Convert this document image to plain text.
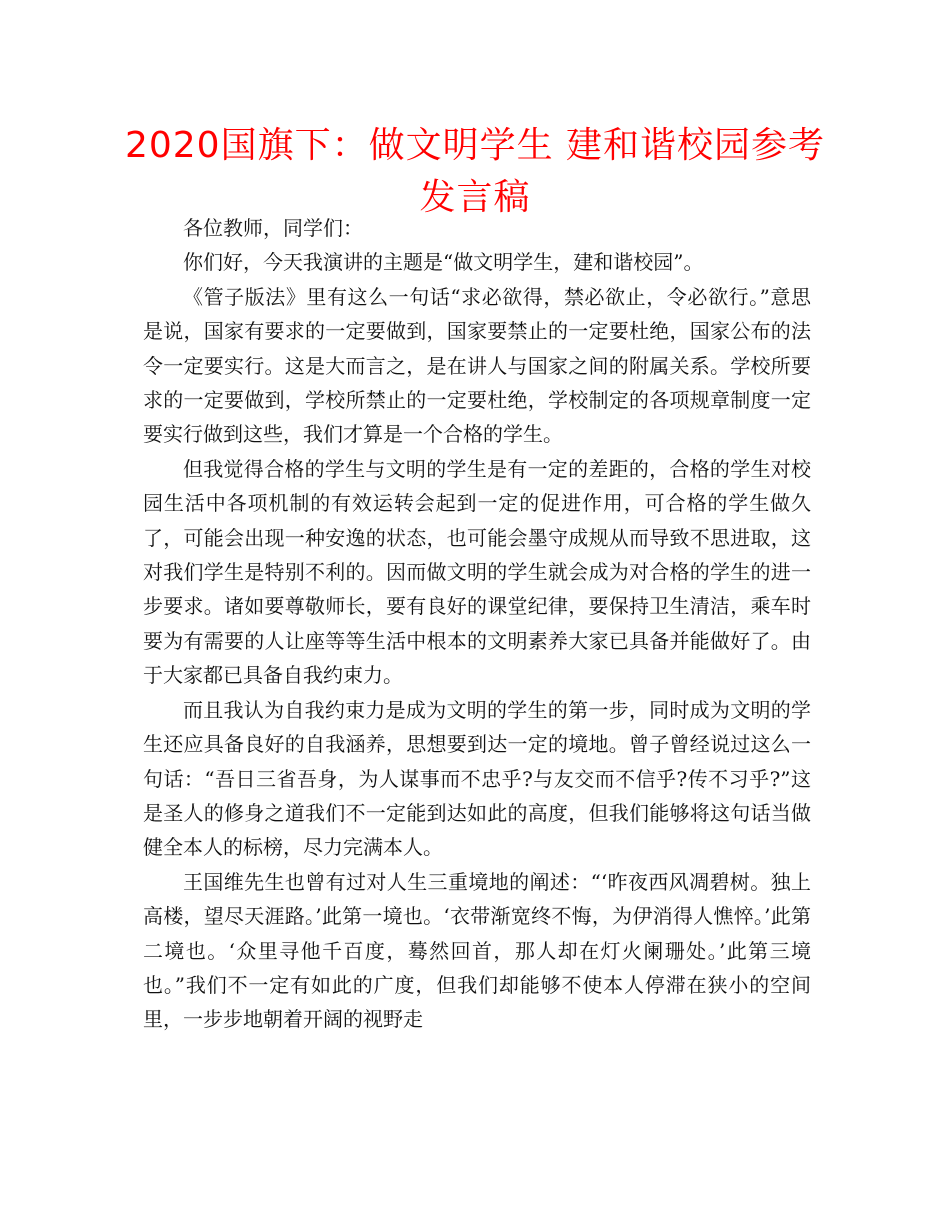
2020国旗下：做文明学生 建和谐校园参考发言稿

各位教师，同学们：

你们好，今天我演讲的主题是“做文明学生，建和谐校园”。

《管子版法》里有这么一句话“求必欲得，禁必欲止，令必欲行。”意思是说，国家有要求的一定要做到，国家要禁止的一定要杜绝，国家公布的法令一定要实行。这是大而言之，是在讲人与国家之间的附属关系。学校所要求的一定要做到，学校所禁止的一定要杜绝，学校制定的各项规章制度一定要实行做到这些，我们才算是一个合格的学生。

但我觉得合格的学生与文明的学生是有一定的差距的，合格的学生对校园生活中各项机制的有效运转会起到一定的促进作用，可合格的学生做久了，可能会出现一种安逸的状态，也可能会墨守成规从而导致不思进取，这对我们学生是特别不利的。因而做文明的学生就会成为对合格的学生的进一步要求。诸如要尊敬师长，要有良好的课堂纪律，要保持卫生清洁，乘车时要为有需要的人让座等等生活中根本的文明素养大家已具备并能做好了。由于大家都已具备自我约束力。

而且我认为自我约束力是成为文明的学生的第一步，同时成为文明的学生还应具备良好的自我涵养，思想要到达一定的境地。曾子曾经说过这么一句话：“吾日三省吾身，为人谋事而不忠乎?与友交而不信乎?传不习乎?”这是圣人的修身之道我们不一定能到达如此的高度，但我们能够将这句话当做健全本人的标榜，尽力完满本人。

王国维先生也曾有过对人生三重境地的阐述：“‘昨夜西风凋碧树。独上高楼，望尽天涯路。’此第一境也。‘衣带渐宽终不悔，为伊消得人憔悴。’此第二境也。‘众里寻他千百度，蓦然回首，那人却在灯火阑珊处。’此第三境也。”我们不一定有如此的广度，但我们却能够不使本人停滞在狭小的空间里，一步步地朝着开阔的视野走
